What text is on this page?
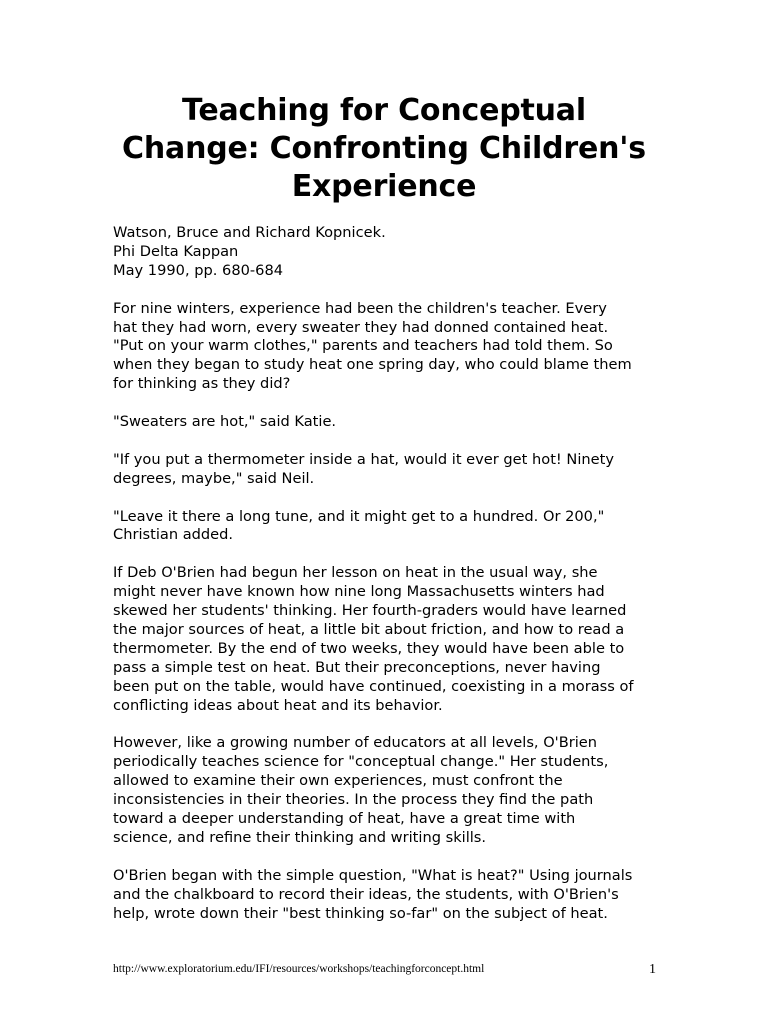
Teaching for Conceptual
Change: Confronting Children's
Experience
Watson, Bruce and Richard Kopnicek.
Phi Delta Kappan
May 1990, pp. 680-684
For nine winters, experience had been the children's teacher. Every
hat they had worn, every sweater they had donned contained heat.
"Put on your warm clothes," parents and teachers had told them. So
when they began to study heat one spring day, who could blame them
for thinking as they did?
"Sweaters are hot," said Katie.
"If you put a thermometer inside a hat, would it ever get hot! Ninety
degrees, maybe," said Neil.
"Leave it there a long tune, and it might get to a hundred. Or 200,"
Christian added.
If Deb O'Brien had begun her lesson on heat in the usual way, she
might never have known how nine long Massachusetts winters had
skewed her students' thinking. Her fourth-graders would have learned
the major sources of heat, a little bit about friction, and how to read a
thermometer. By the end of two weeks, they would have been able to
pass a simple test on heat. But their preconceptions, never having
been put on the table, would have continued, coexisting in a morass of
conflicting ideas about heat and its behavior.
However, like a growing number of educators at all levels, O'Brien
periodically teaches science for "conceptual change." Her students,
allowed to examine their own experiences, must confront the
inconsistencies in their theories. In the process they find the path
toward a deeper understanding of heat, have a great time with
science, and refine their thinking and writing skills.
O'Brien began with the simple question, "What is heat?" Using journals
and the chalkboard to record their ideas, the students, with O'Brien's
help, wrote down their "best thinking so-far" on the subject of heat.
http://www.exploratorium.edu/IFI/resources/workshops/teachingforconcept.html	1
